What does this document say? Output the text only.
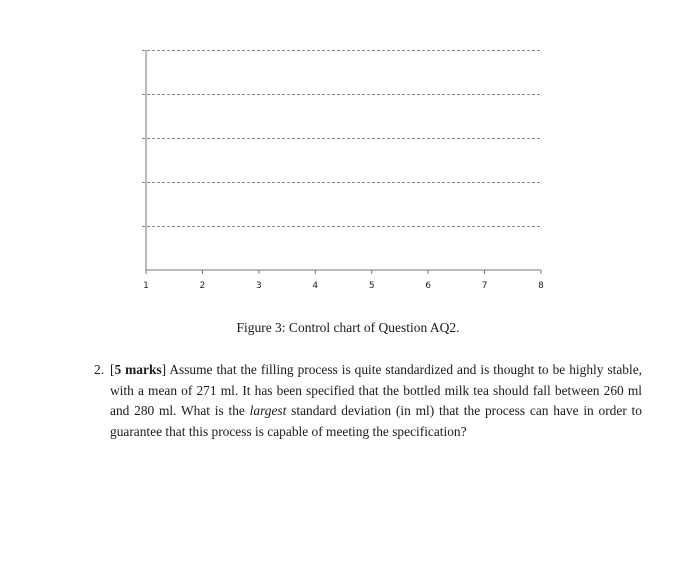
1	2	3	4	5	6	7	8
Figure 3: Control chart of Question AQ2.
2. [5 marks] Assume that the filling process is quite standardized and is thought to be highly stable, with a mean of 271 ml. It has been specified that the bottled milk tea should fall between 260 ml and 280 ml. What is the largest standard deviation (in ml) that the process can have in order to guarantee that this process is capable of meeting the specification?
